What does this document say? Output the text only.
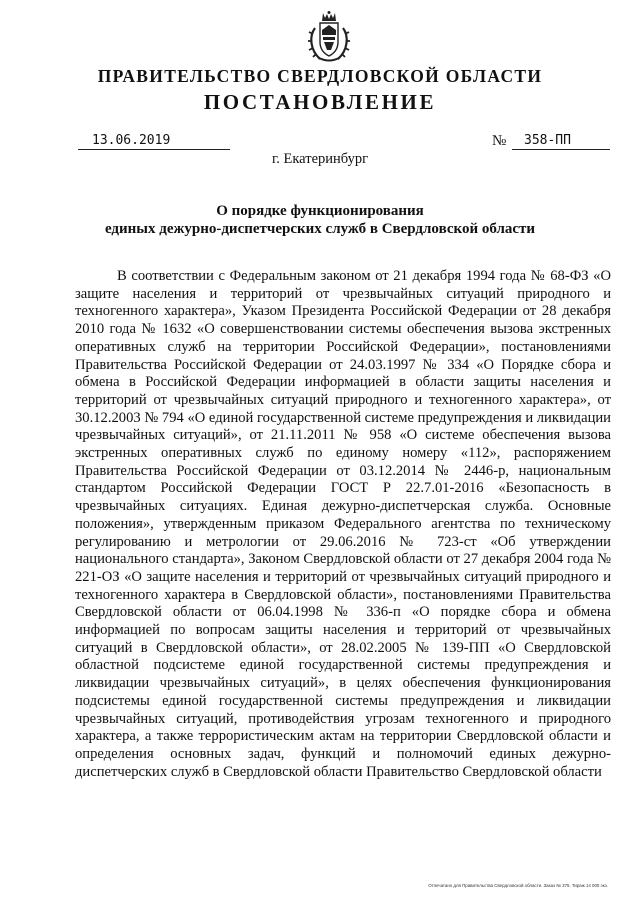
ПРАВИТЕЛЬСТВО СВЕРДЛОВСКОЙ ОБЛАСТИ
ПОСТАНОВЛЕНИЕ
13.06.2019	№	358-ПП
г. Екатеринбург
О порядке функционирования
единых дежурно-диспетчерских служб в Свердловской области

В соответствии с Федеральным законом от 21 декабря 1994 года № 68-ФЗ «О защите населения и территорий от чрезвычайных ситуаций природного и техногенного характера», Указом Президента Российской Федерации от 28 декабря 2010 года № 1632 «О совершенствовании системы обеспечения вызова экстренных оперативных служб на территории Российской Федерации», постановлениями Правительства Российской Федерации от 24.03.1997 № 334 «О Порядке сбора и обмена в Российской Федерации информацией в области защиты населения и территорий от чрезвычайных ситуаций природного и техногенного характера», от 30.12.2003 № 794 «О единой государственной системе предупреждения и ликвидации чрезвычайных ситуаций», от 21.11.2011 № 958 «О системе обеспечения вызова экстренных оперативных служб по единому номеру «112», распоряжением Правительства Российской Федерации от 03.12.2014 № 2446-р, национальным стандартом Российской Федерации ГОСТ Р 22.7.01-2016 «Безопасность в чрезвычайных ситуациях. Единая дежурно-диспетчерская служба. Основные положения», утвержденным приказом Федерального агентства по техническому регулированию и метрологии от 29.06.2016 № 723-ст «Об утверждении национального стандарта», Законом Свердловской области от 27 декабря 2004 года № 221-ОЗ «О защите населения и территорий от чрезвычайных ситуаций природного и техногенного характера в Свердловской области», постановлениями Правительства Свердловской области от 06.04.1998 № 336-п «О порядке сбора и обмена информацией по вопросам защиты населения и территорий от чрезвычайных ситуаций в Свердловской области», от 28.02.2005 № 139-ПП «О Свердловской областной подсистеме единой государственной системы предупреждения и ликвидации чрезвычайных ситуаций», в целях обеспечения функционирования подсистемы единой государственной системы предупреждения и ликвидации чрезвычайных ситуаций, противодействия угрозам техногенного и природного характера, а также террористическим актам на территории Свердловской области и определения основных задач, функций и полномочий единых дежурно-диспетчерских служб в Свердловской области Правительство Свердловской области

Отпечатано для Правительства Свердловской области. Заказ № 375. Тираж 14 000 экз.
